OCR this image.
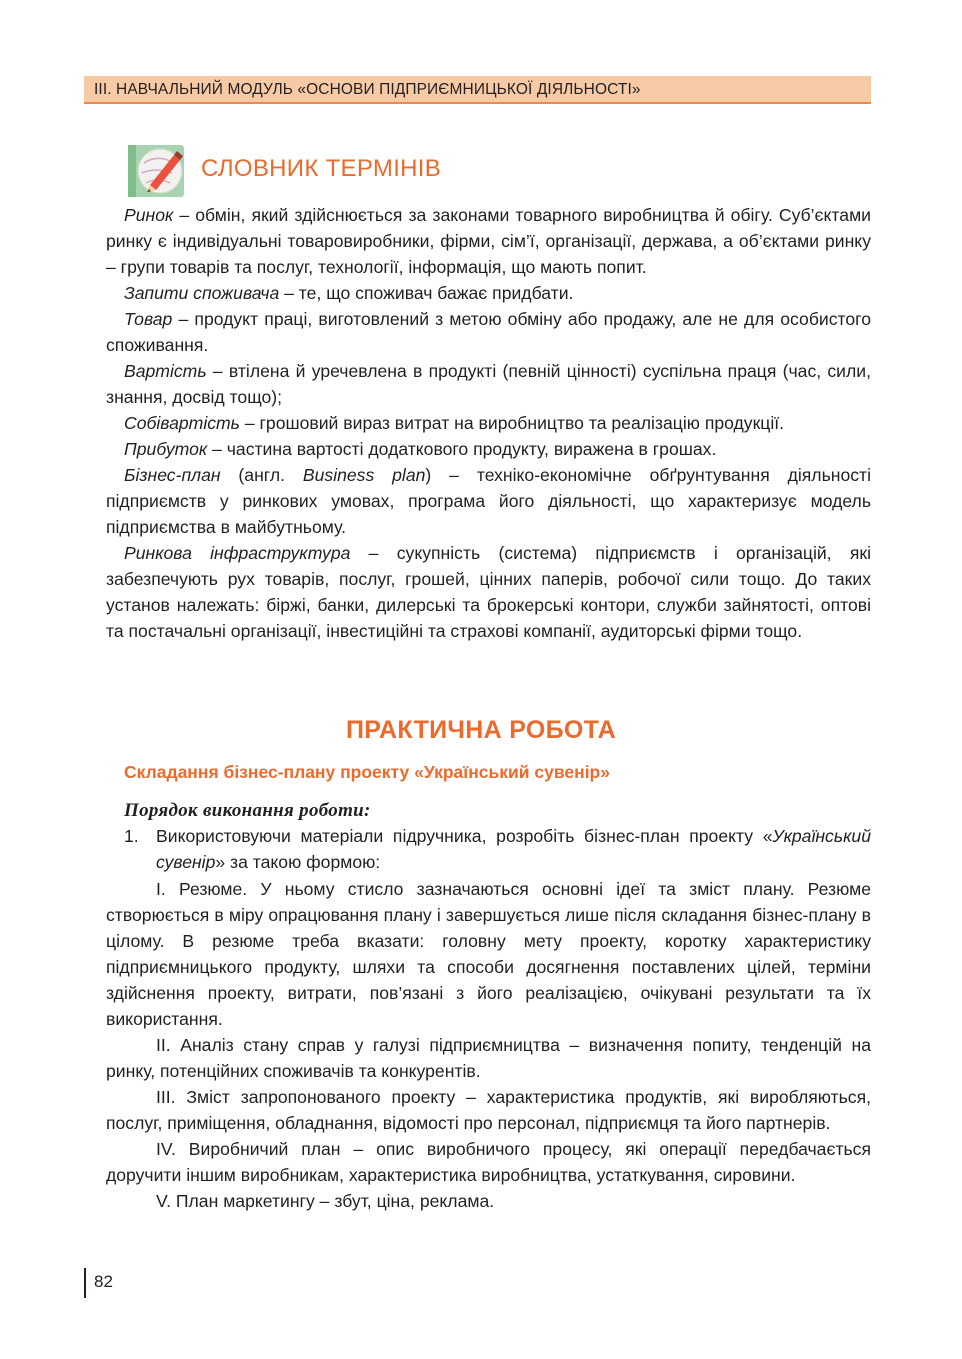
ІІІ. НАВЧАЛЬНИЙ МОДУЛЬ «ОСНОВИ ПІДПРИЄМНИЦЬКОЇ ДІЯЛЬНОСТІ»
СЛОВНИК ТЕРМІНІВ

Ринок – обмін, який здійснюється за законами товарного виробництва й обігу. Суб’єктами ринку є індивідуальні товаровиробники, фірми, сім’ї, організації, держава, а об’єктами ринку – групи товарів та послуг, технології, інформація, що мають попит.

Запити споживача – те, що споживач бажає придбати.

Товар – продукт праці, виготовлений з метою обміну або продажу, але не для особистого споживання.

Вартість – втілена й уречевлена в продукті (певній цінності) суспільна праця (час, сили, знання, досвід тощо);

Собівартість – грошовий вираз витрат на виробництво та реалізацію продукції.

Прибуток – частина вартості додаткового продукту, виражена в грошах.

Бізнес-план (англ. Business plan) – техніко-економічне обґрунтування діяльності підприємств у ринкових умовах, програма його діяльності, що характеризує модель підприємства в майбутньому.

Ринкова інфраструктура – сукупність (система) підприємств і організацій, які забезпечують рух товарів, послуг, грошей, цінних паперів, робочої сили тощо. До таких установ належать: біржі, банки, дилерські та брокерські контори, служби зайнятості, оптові та постачальні організації, інвестиційні та страхові компанії, аудиторські фірми тощо.

ПРАКТИЧНА РОБОТА
Складання бізнес-плану проекту «Український сувенір»
Порядок виконання роботи:
1. Використовуючи матеріали підручника, розробіть бізнес-план проекту «Український сувенір» за такою формою:

І. Резюме. У ньому стисло зазначаються основні ідеї та зміст плану. Резюме створюється в міру опрацювання плану і завершується лише після складання бізнес-плану в цілому. В резюме треба вказати: головну мету проекту, коротку характеристику підприємницького продукту, шляхи та способи досягнення поставлених цілей, терміни здійснення проекту, витрати, пов’язані з його реалізацією, очікувані результати та їх використання.

ІІ. Аналіз стану справ у галузі підприємництва – визначення попиту, тенденцій на ринку, потенційних споживачів та конкурентів.

ІІІ. Зміст запропонованого проекту – характеристика продуктів, які виробляються, послуг, приміщення, обладнання, відомості про персонал, підприємця та його партнерів.

IV. Виробничий план – опис виробничого процесу, які операції передбачається доручити іншим виробникам, характеристика виробництва, устаткування, сировини.

V. План маркетингу – збут, ціна, реклама.

82
